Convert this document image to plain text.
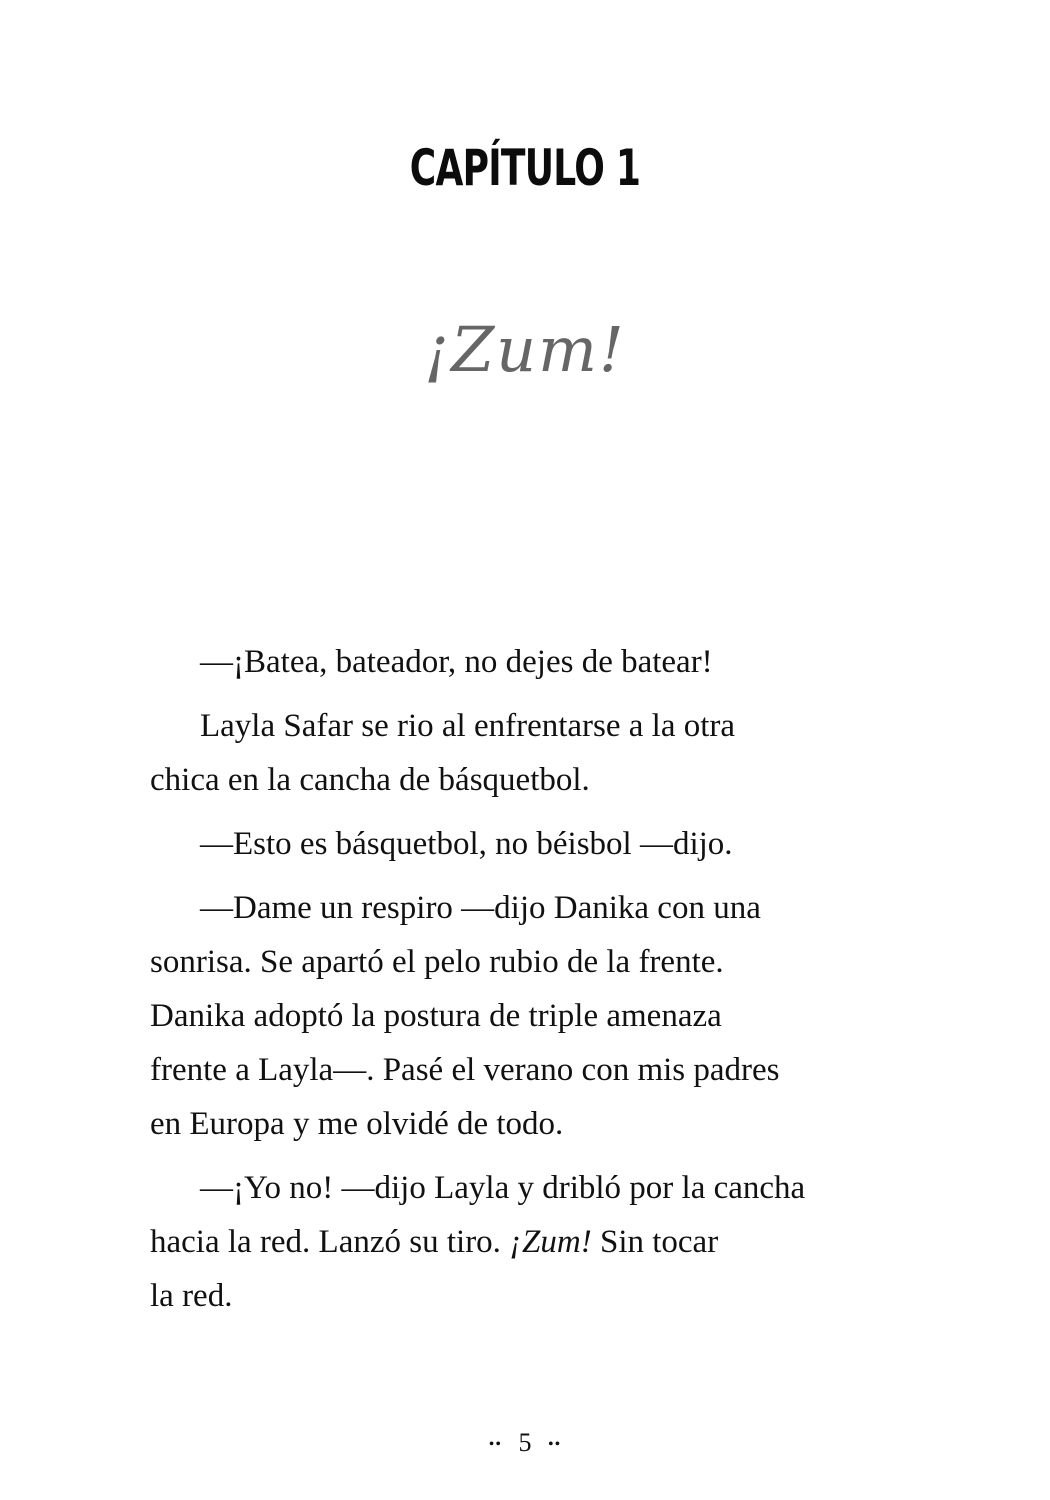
CAPÍTULO 1
¡Zum!

—¡Batea, bateador, no dejes de batear!

Layla Safar se rio al enfrentarse a la otra
chica en la cancha de básquetbol.

—Esto es básquetbol, no béisbol —dijo.

—Dame un respiro —dijo Danika con una
sonrisa. Se apartó el pelo rubio de la frente.
Danika adoptó la postura de triple amenaza
frente a Layla—. Pasé el verano con mis padres
en Europa y me olvidé de todo.

—¡Yo no! —dijo Layla y dribló por la cancha
hacia la red. Lanzó su tiro. ¡Zum! Sin tocar
la red.

•• 5 ••
